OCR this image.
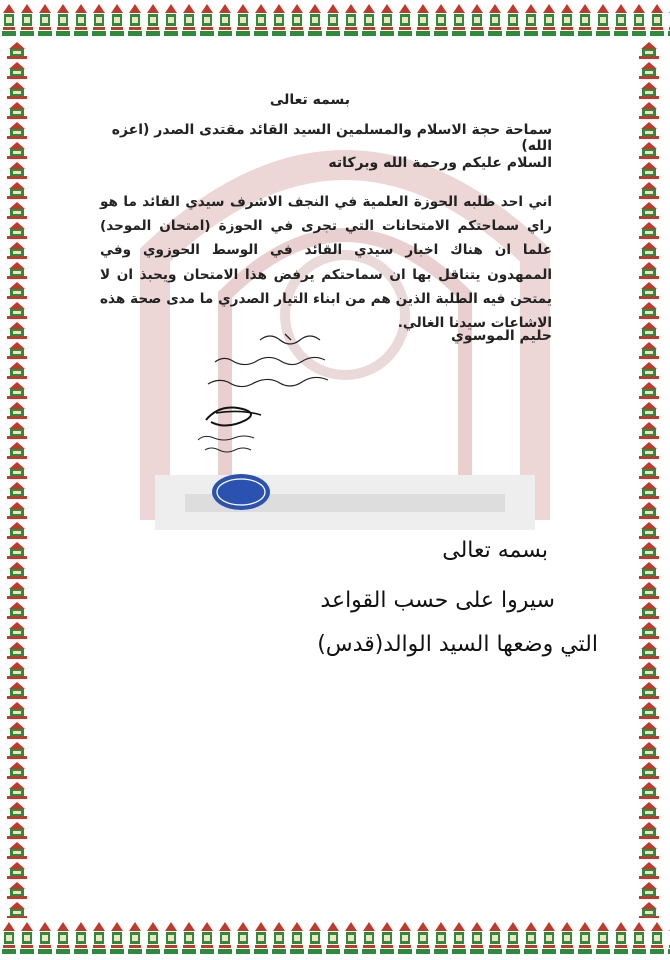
بسمه تعالى
سماحة حجة الاسلام والمسلمين السيد القائد مقتدى الصدر (اعزه الله)
السلام عليكم ورحمة الله وبركاته
اني احد طلبه الحوزة العلمية في النجف الاشرف سيدي القائد ما هو راي سماحتكم الامتحانات التي تجرى في الحوزة (امتحان الموحد) علما ان هناك اخبار سيدي القائد في الوسط الحوزوي وفي الممهدون يتناقل بها ان سماحتكم يرفض هذا الامتحان ويحبذ ان لا يمتحن فيه الطلبة الذين هم من ابناء التيار الصدري ما مدى صحة هذه الاشاعات سيدنا الغالي.
حليم الموسوي
بسمه تعالى
سيروا على حسب القواعد
التي وضعها السيد الوالد(قدس)
